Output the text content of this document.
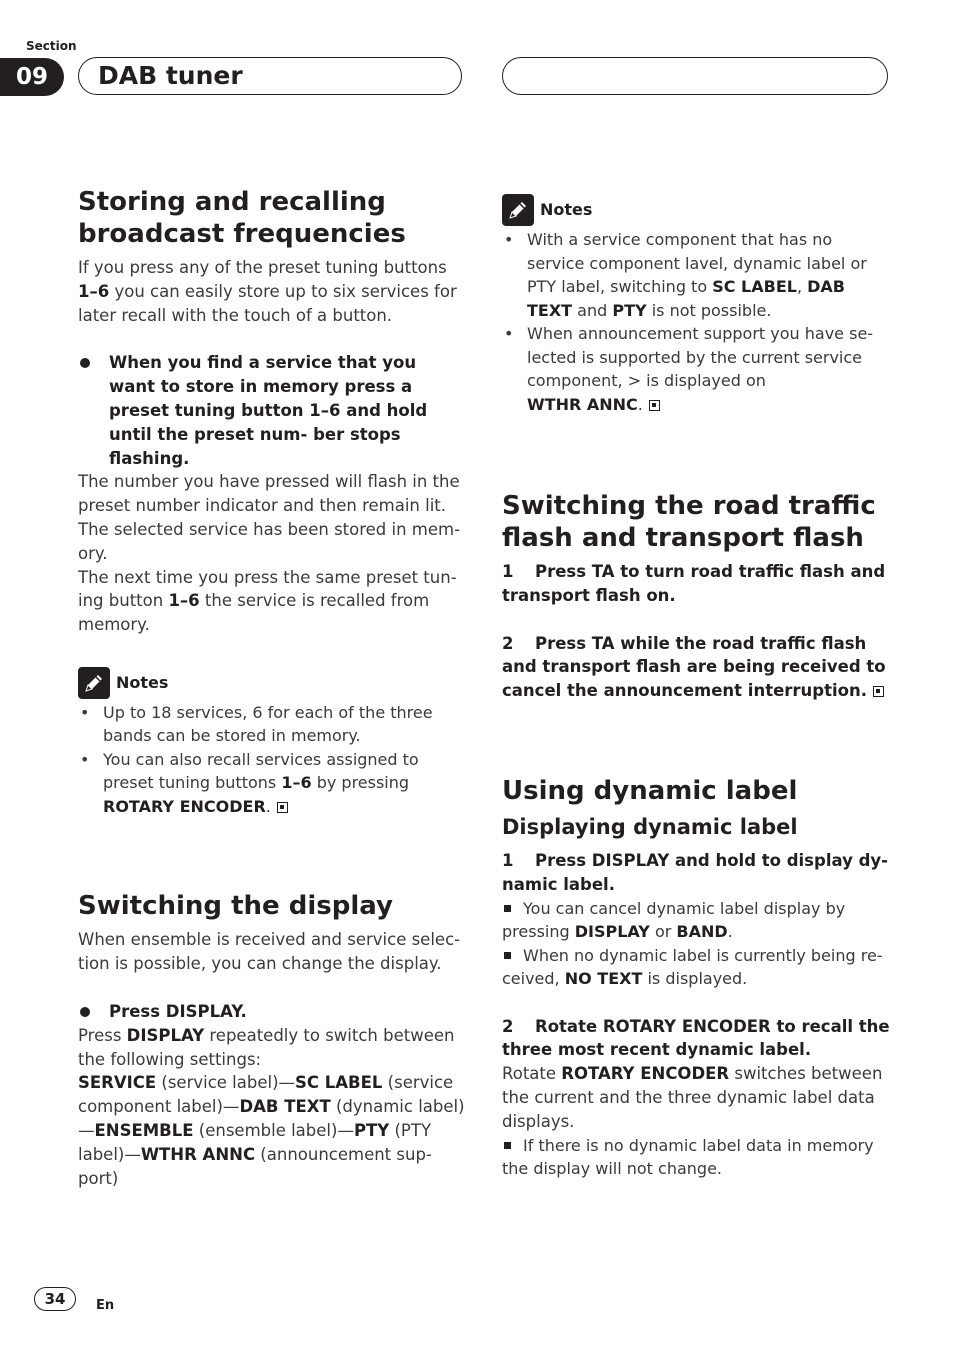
Section
09	DAB tuner
Storing and recalling
broadcast frequencies

If you press any of the preset tuning buttons
1–6 you can easily store up to six services for
later recall with the touch of a button.

When you find a service that you want to store in memory press a preset tuning button 1–6 and hold until the preset num- ber stops flashing.

The number you have pressed will flash in the preset number indicator and then remain lit. The selected service has been stored in mem- ory.

The next time you press the same preset tun- ing button 1–6 the service is recalled from memory.

Notes
• Up to 18 services, 6 for each of the three bands can be stored in memory.
• You can also recall services assigned to preset tuning buttons 1–6 by pressing
ROTARY ENCODER.
Switching the display

When ensemble is received and service selec- tion is possible, you can change the display.

Press DISPLAY.

Press DISPLAY repeatedly to switch between the following settings:

SERVICE (service label)—SC LABEL (service component label)—DAB TEXT (dynamic label) —ENSEMBLE (ensemble label)—PTY (PTY label)—WTHR ANNC (announcement sup- port)

Notes
• With a service component that has no service component lavel, dynamic label or PTY label, switching to SC LABEL, DAB TEXT and PTY is not possible.
• When announcement support you have se- lected is supported by the current service component, > is displayed on
WTHR ANNC.
Switching the road traffic flash and transport flash

1 Press TA to turn road traffic flash and transport flash on.

2 Press TA while the road traffic flash and transport flash are being received to cancel the announcement interruption.

Using dynamic label
Displaying dynamic label

1 Press DISPLAY and hold to display dy- namic label.

You can cancel dynamic label display by pressing DISPLAY or BAND.

When no dynamic label is currently being re- ceived, NO TEXT is displayed.

2 Rotate ROTARY ENCODER to recall the three most recent dynamic label.

Rotate ROTARY ENCODER switches between the current and the three dynamic label data displays.

If there is no dynamic label data in memory the display will not change.

34	En
